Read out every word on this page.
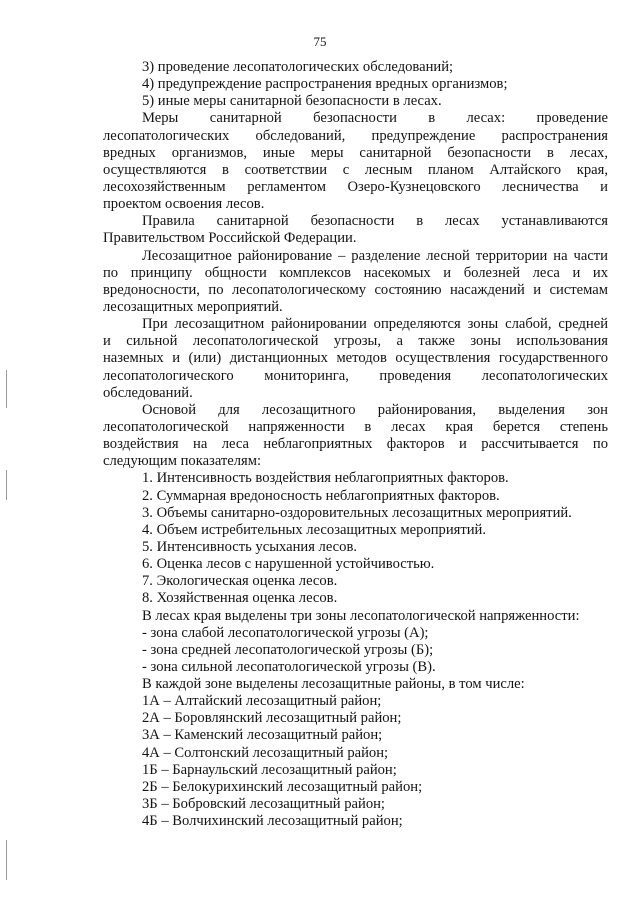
75
3) проведение лесопатологических обследований;
4) предупреждение распространения вредных организмов;
5) иные меры санитарной безопасности в лесах.
Меры санитарной безопасности в лесах: проведение
лесопатологических обследований, предупреждение распространения
вредных организмов, иные меры санитарной безопасности в лесах,
осуществляются в соответствии с лесным планом Алтайского края,
лесохозяйственным регламентом Озеро-Кузнецовского лесничества и
проектом освоения лесов.
Правила санитарной безопасности в лесах устанавливаются
Правительством Российской Федерации.
Лесозащитное районирование – разделение лесной территории на части
по принципу общности комплексов насекомых и болезней леса и их
вредоносности, по лесопатологическому состоянию насаждений и системам
лесозащитных мероприятий.
При лесозащитном районировании определяются зоны слабой, средней
и сильной лесопатологической угрозы, а также зоны использования
наземных и (или) дистанционных методов осуществления государственного
лесопатологического мониторинга, проведения лесопатологических
обследований.
Основой для лесозащитного районирования, выделения зон
лесопатологической напряженности в лесах края берется степень
воздействия на леса неблагоприятных факторов и рассчитывается по
следующим показателям:
1. Интенсивность воздействия неблагоприятных факторов.
2. Суммарная вредоносность неблагоприятных факторов.
3. Объемы санитарно-оздоровительных лесозащитных мероприятий.
4. Объем истребительных лесозащитных мероприятий.
5. Интенсивность усыхания лесов.
6. Оценка лесов с нарушенной устойчивостью.
7. Экологическая оценка лесов.
8. Хозяйственная оценка лесов.
В лесах края выделены три зоны лесопатологической напряженности:
- зона слабой лесопатологической угрозы (А);
- зона средней лесопатологической угрозы (Б);
- зона сильной лесопатологической угрозы (В).
В каждой зоне выделены лесозащитные районы, в том числе:
1А – Алтайский лесозащитный район;
2А – Боровлянский лесозащитный район;
3А – Каменский лесозащитный район;
4А – Солтонский лесозащитный район;
1Б – Барнаульский лесозащитный район;
2Б – Белокурихинский лесозащитный район;
3Б – Бобровский лесозащитный район;
4Б – Волчихинский лесозащитный район;
